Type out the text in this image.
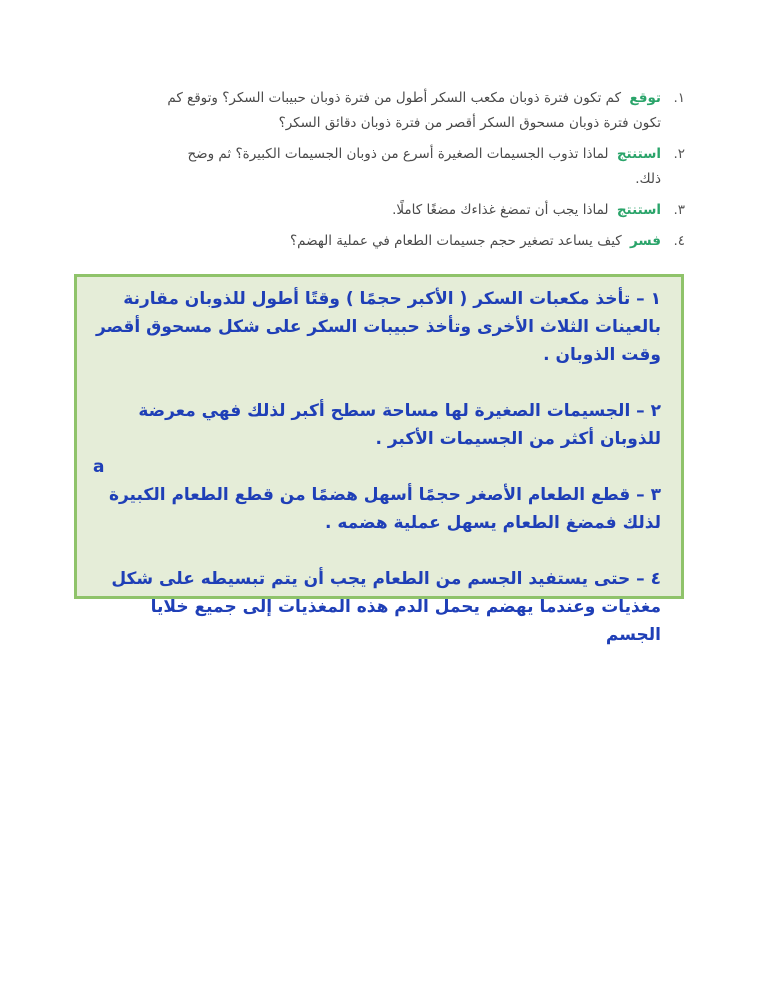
١.
توقع كم تكون فترة ذوبان مكعب السكر أطول من فترة ذوبان حبيبات السكر؟ وتوقع كم تكون فترة ذوبان مسحوق السكر أقصر من فترة ذوبان دقائق السكر؟
٢.
استنتج لماذا تذوب الجسيمات الصغيرة أسرع من ذوبان الجسيمات الكبيرة؟ ثم وضح ذلك.
٣.
استنتج لماذا يجب أن تمضغ غذاءك مضغًا كاملًا.
٤.
فسر كيف يساعد تصغير حجم جسيمات الطعام في عملية الهضم؟

١ – تأخذ مكعبات السكر ( الأكبر حجمًا ) وقتًا أطول للذوبان مقارنة بالعينات الثلاث الأخرى وتأخذ حبيبات السكر على شكل مسحوق أقصر وقت الذوبان .

٢ – الجسيمات الصغيرة لها مساحة سطح أكبر لذلك فهي معرضة للذوبان أكثر من الجسيمات الأكبر .

a

٣ – قطع الطعام الأصغر حجمًا أسهل هضمًا من قطع الطعام الكبيرة لذلك فمضغ الطعام يسهل عملية هضمه .

٤ – حتى يستفيد الجسم من الطعام يجب أن يتم تبسيطه على شكل مغذيات وعندما يهضم يحمل الدم هذه المغذيات إلى جميع خلايا الجسم
